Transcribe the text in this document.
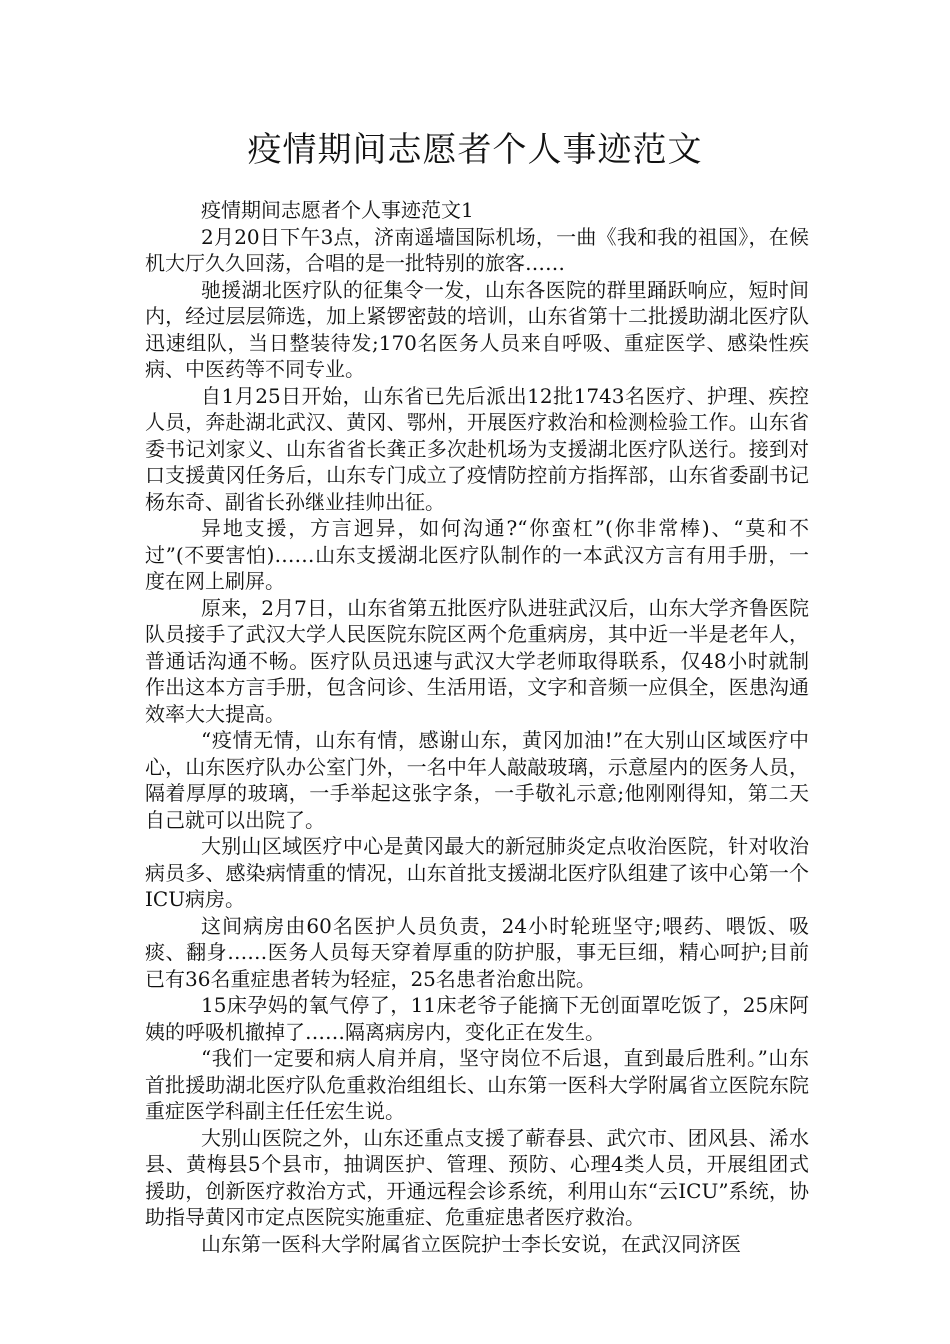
疫情期间志愿者个人事迹范文

疫情期间志愿者个人事迹范文1

2月20日下午3点，济南遥墙国际机场，一曲《我和我的祖国》，在候机大厅久久回荡，合唱的是一批特别的旅客……

驰援湖北医疗队的征集令一发，山东各医院的群里踊跃响应，短时间内，经过层层筛选，加上紧锣密鼓的培训，山东省第十二批援助湖北医疗队迅速组队，当日整装待发;170名医务人员来自呼吸、重症医学、感染性疾病、中医药等不同专业。

自1月25日开始，山东省已先后派出12批1743名医疗、护理、疾控人员，奔赴湖北武汉、黄冈、鄂州，开展医疗救治和检测检验工作。山东省委书记刘家义、山东省省长龚正多次赴机场为支援湖北医疗队送行。接到对口支援黄冈任务后，山东专门成立了疫情防控前方指挥部，山东省委副书记杨东奇、副省长孙继业挂帅出征。

异地支援，方言迥异，如何沟通?“你蛮杠”(你非常棒)、“莫和不过”(不要害怕)……山东支援湖北医疗队制作的一本武汉方言有用手册，一度在网上刷屏。

原来，2月7日，山东省第五批医疗队进驻武汉后，山东大学齐鲁医院队员接手了武汉大学人民医院东院区两个危重病房，其中近一半是老年人，普通话沟通不畅。医疗队员迅速与武汉大学老师取得联系，仅48小时就制作出这本方言手册，包含问诊、生活用语，文字和音频一应俱全，医患沟通效率大大提高。

“疫情无情，山东有情，感谢山东，黄冈加油!”在大别山区域医疗中心，山东医疗队办公室门外，一名中年人敲敲玻璃，示意屋内的医务人员，隔着厚厚的玻璃，一手举起这张字条，一手敬礼示意;他刚刚得知，第二天自己就可以出院了。

大别山区域医疗中心是黄冈最大的新冠肺炎定点收治医院，针对收治病员多、感染病情重的情况，山东首批支援湖北医疗队组建了该中心第一个ICU病房。

这间病房由60名医护人员负责，24小时轮班坚守;喂药、喂饭、吸痰、翻身……医务人员每天穿着厚重的防护服，事无巨细，精心呵护;目前已有36名重症患者转为轻症，25名患者治愈出院。

15床孕妈的氧气停了，11床老爷子能摘下无创面罩吃饭了，25床阿姨的呼吸机撤掉了……隔离病房内，变化正在发生。

“我们一定要和病人肩并肩，坚守岗位不后退，直到最后胜利。”山东首批援助湖北医疗队危重救治组组长、山东第一医科大学附属省立医院东院重症医学科副主任任宏生说。

大别山医院之外，山东还重点支援了蕲春县、武穴市、团风县、浠水县、黄梅县5个县市，抽调医护、管理、预防、心理4类人员，开展组团式援助，创新医疗救治方式，开通远程会诊系统，利用山东“云ICU”系统，协助指导黄冈市定点医院实施重症、危重症患者医疗救治。

山东第一医科大学附属省立医院护士李长安说，在武汉同济医
